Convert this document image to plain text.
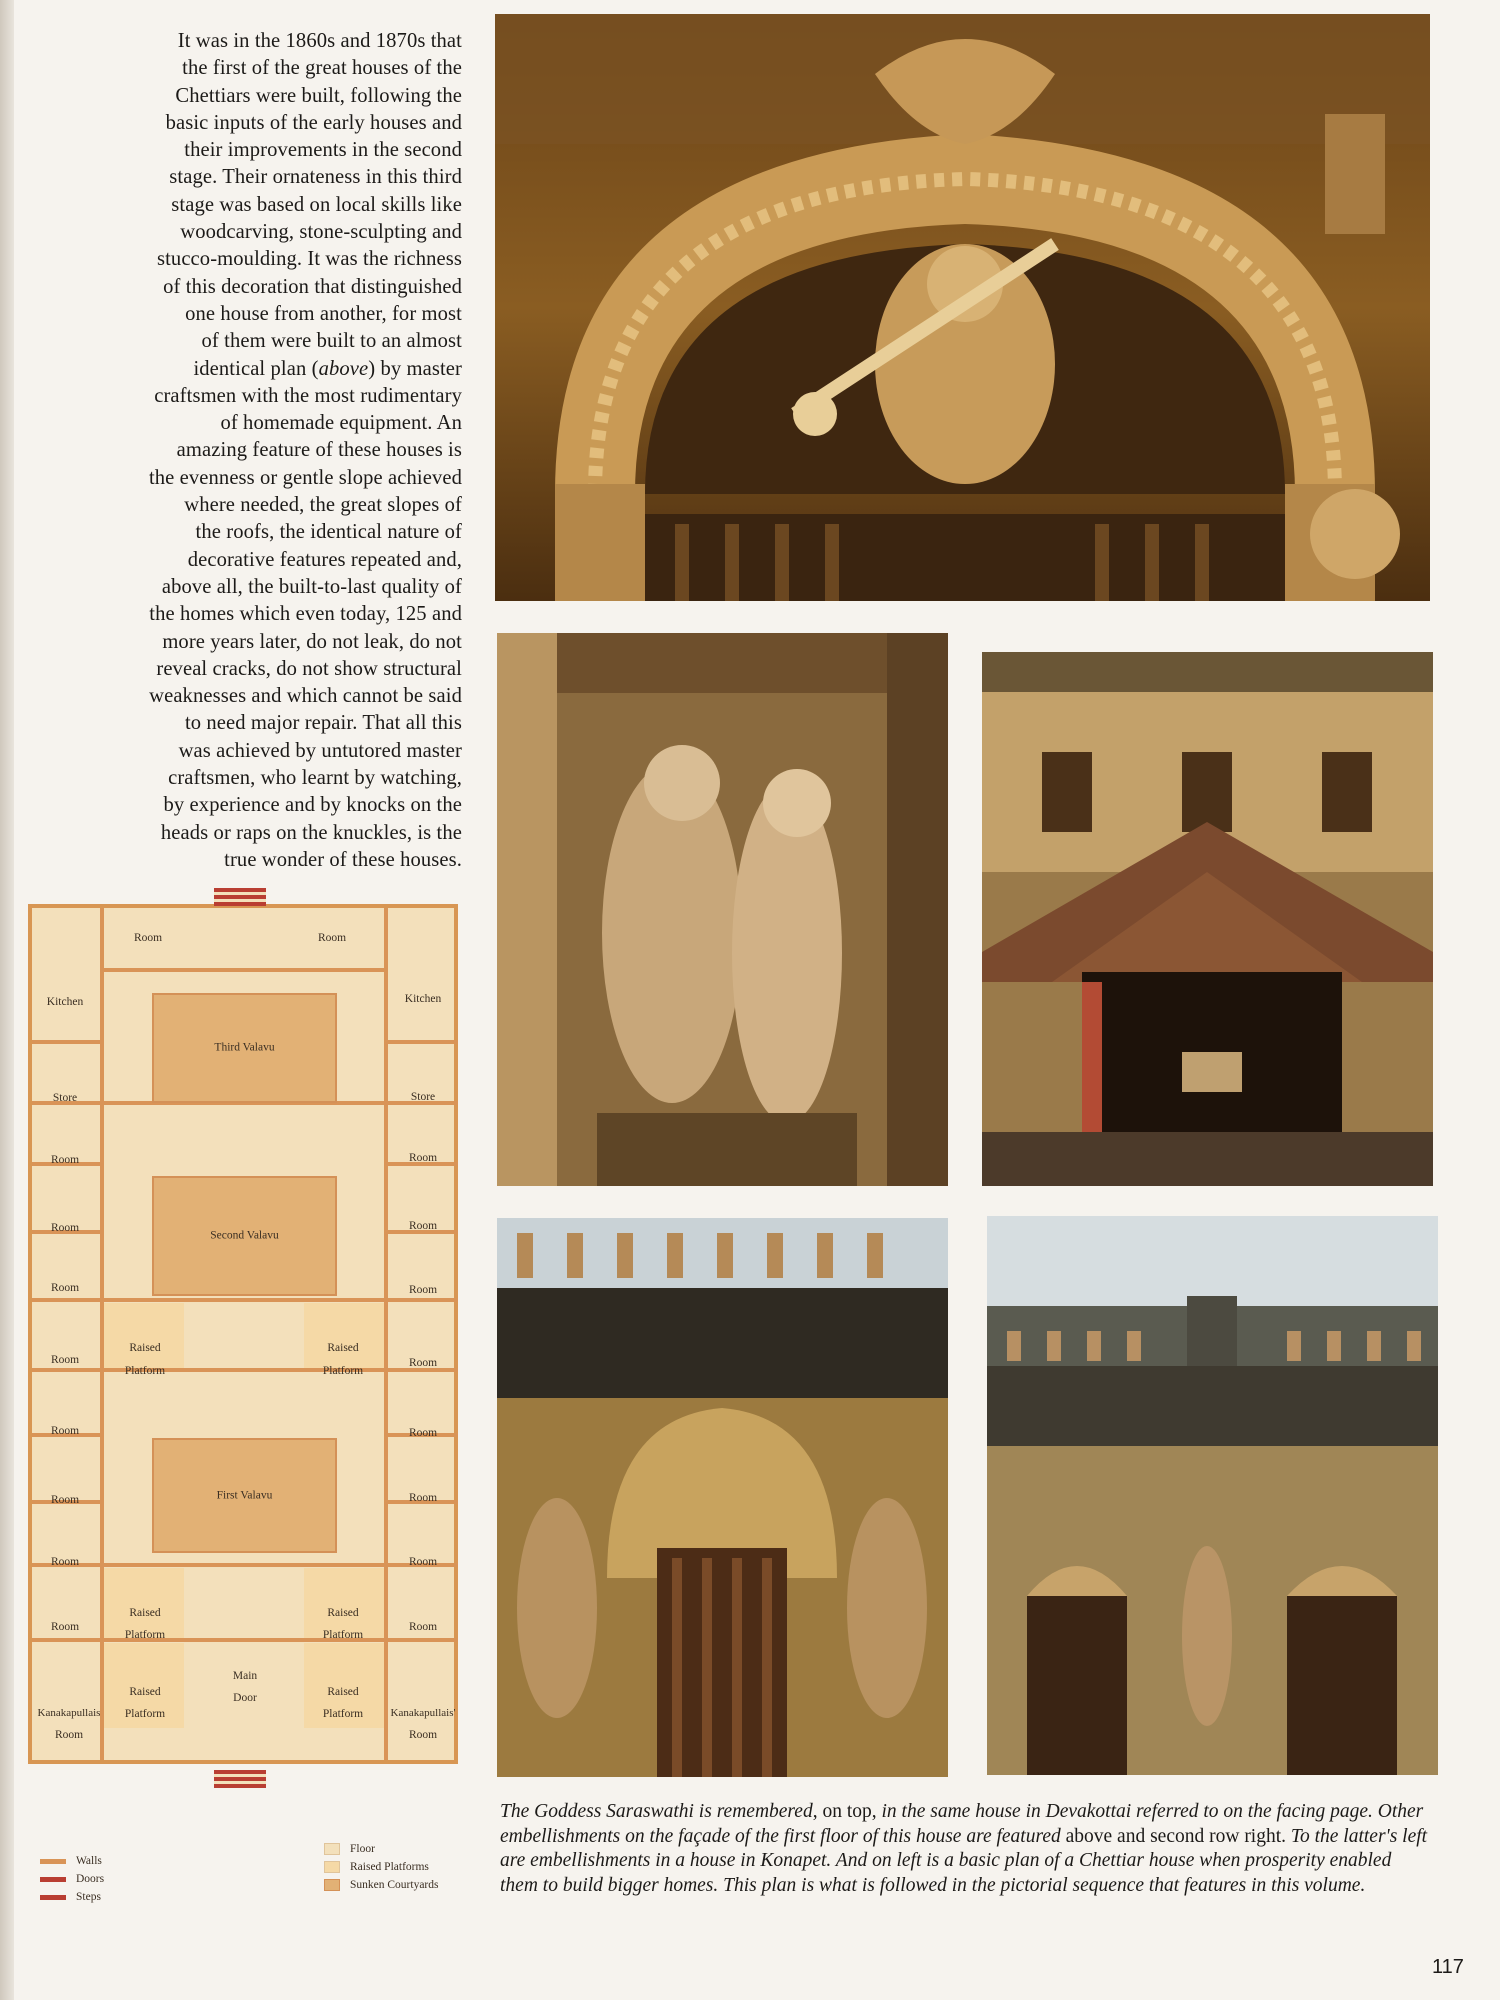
It was in the 1860s and 1870s that
the first of the great houses of the
Chettiars were built, following the
basic inputs of the early houses and
their improvements in the second
stage. Their ornateness in this third
stage was based on local skills like
woodcarving, stone-sculpting and
stucco-moulding. It was the richness
of this decoration that distinguished
one house from another, for most
of them were built to an almost
identical plan (above) by master
craftsmen with the most rudimentary
of homemade equipment. An
amazing feature of these houses is
the evenness or gentle slope achieved
where needed, the great slopes of
the roofs, the identical nature of
decorative features repeated and,
above all, the built-to-last quality of
the homes which even today, 125 and
more years later, do not leak, do not
reveal cracks, do not show structural
weaknesses and which cannot be said
to need major repair. That all this
was achieved by untutored master
craftsmen, who learnt by watching,
by experience and by knocks on the
heads or raps on the knuckles, is the
true wonder of these houses.
Third Valavu
Second Valavu
First Valavu
Room	Room
Kitchen	Kitchen
Store	Store
Room	Room
Room	Room
Room	Room
Room	Room
Room	Room
Room	Room
Room	Room
Room	Room
Raised
Platform
Raised
Platform
Raised
Platform
Raised
Platform
Raised
Platform
Raised
Platform
Main
Door
Kanakapullais
Room
Kanakapullais'
Room
Walls
Doors
Steps
Floor
Raised Platforms
Sunken Courtyards
The Goddess Saraswathi is remembered, on top, in the same house in Devakottai referred to on the facing page. Other embellishments on the façade of the first floor of this house are featured above and second row right. To the latter's left are embellishments in a house in Konapet. And on left is a basic plan of a Chettiar house when prosperity enabled them to build bigger homes. This plan is what is followed in the pictorial sequence that features in this volume.
117
